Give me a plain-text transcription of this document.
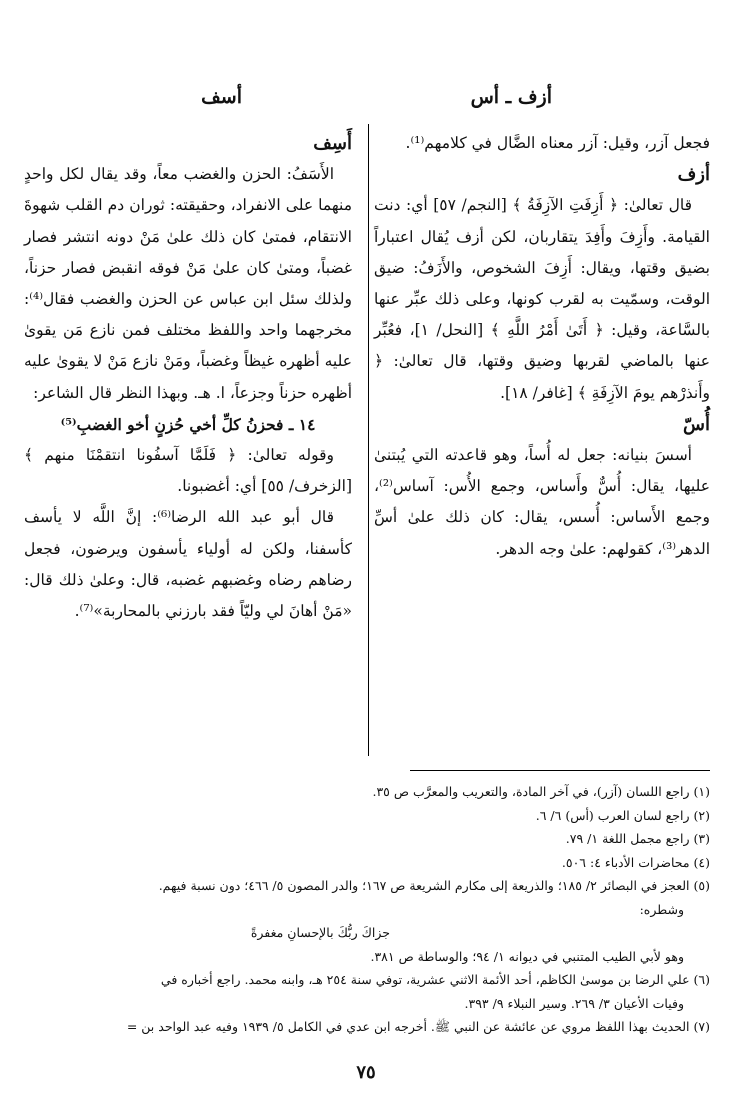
أزف ـ أس
أسف

فجعل آزر، وقيل: آزر معناه الضَّال في كلامهم⁽¹⁾.

أزف

قال تعالىٰ: ﴿ أَزِفَتِ الآزِفَةُ ﴾ [النجم/ ٥٧] أي: دنت القيامة. وأَزِفَ وأَفِدَ يتقاربان، لكن أزف يُقال اعتباراً بضيق وقتها، ويقال: أَزِفَ الشخوص، والأَزَفُ: ضيق الوقت، وسمّيت به لقرب كونها، وعلى ذلك عبِّر عنها بالسَّاعة، وقيل: ﴿ أَتَىٰ أَمْرُ اللَّهِ ﴾ [النحل/ ١]، فعُبِّر عنها بالماضي لقربها وضيق وقتها، قال تعالىٰ: ﴿ وأَنذرْهم يومَ الآزِفَةِ ﴾ [غافر/ ١٨].

أُسّ

أسسَ بنيانه: جعل له أُساً، وهو قاعدته التي يُبتنىٰ عليها، يقال: أُسٌّ وأَساس، وجمع الأُس: آساس⁽²⁾، وجمع الأَساس: أُسس، يقال: كان ذلك علىٰ أسِّ الدهر⁽³⁾، كقولهم: علىٰ وجه الدهر.

أَسِف

الأَسَفُ: الحزن والغضب معاً، وقد يقال لكل واحدٍ منهما على الانفراد، وحقيقته: ثوران دم القلب شهوةَ الانتقام، فمتىٰ كان ذلك علىٰ مَنْ دونه انتشر فصار غضباً، ومتىٰ كان علىٰ مَنْ فوقه انقبض فصار حزناً، ولذلك سئل ابن عباس عن الحزن والغضب فقال⁽⁴⁾: مخرجهما واحد واللفظ مختلف فمن نازع مَن يقوىٰ عليه أظهره غيظاً وغضباً، ومَنْ نازع مَنْ لا يقوىٰ عليه أظهره حزناً وجزعاً، ا. هـ. وبهذا النظر قال الشاعر:

١٤ ـ فحزنُ كلِّ أخي حُزنٍ أخو الغضبِ⁽⁵⁾

وقوله تعالىٰ: ﴿ فَلَمَّا آسفُونا انتقمْنَا منهم ﴾ [الزخرف/ ٥٥] أي: أغضبونا.

قال أبو عبد الله الرضا⁽⁶⁾: إنَّ اللَّه لا يأسف كأسفنا، ولكن له أولياء يأسفون ويرضون، فجعل رضاهم رضاه وغضبهم غضبه، قال: وعلىٰ ذلك قال: «مَنْ أهانَ لي وليّاً فقد بارزني بالمحاربة»⁽⁷⁾.

(١) راجع اللسان (آزر)، في آخر المادة، والتعريب والمعرَّب ص ٣٥.

(٢) راجع لسان العرب (أس) ٦/ ٦.

(٣) راجع مجمل اللغة ١/ ٧٩.

(٤) محاضرات الأدباء ٤: ٥٠٦.

(٥) العجز في البصائر ٢/ ١٨٥؛ والذريعة إلى مكارم الشريعة ص ١٦٧؛ والدر المصون ٥/ ٤٦٦؛ دون نسبة فيهم.

وشطره:

جزاكَ ربُّكَ بالإحسانِ مغفرةً

وهو لأبي الطيب المتنبي في ديوانه ١/ ٩٤؛ والوساطة ص ٣٨١.

(٦) علي الرضا بن موسىٰ الكاظم، أحد الأئمة الاثني عشرية، توفي سنة ٢٥٤ هـ، وابنه محمد. راجع أخباره في

وفيات الأعيان ٣/ ٢٦٩. وسير النبلاء ٩/ ٣٩٣.

(٧) الحديث بهذا اللفظ مروي عن عائشة عن النبي ﷺ. أخرجه ابن عدي في الكامل ٥/ ١٩٣٩ وفيه عبد الواحد بن =

٧٥
